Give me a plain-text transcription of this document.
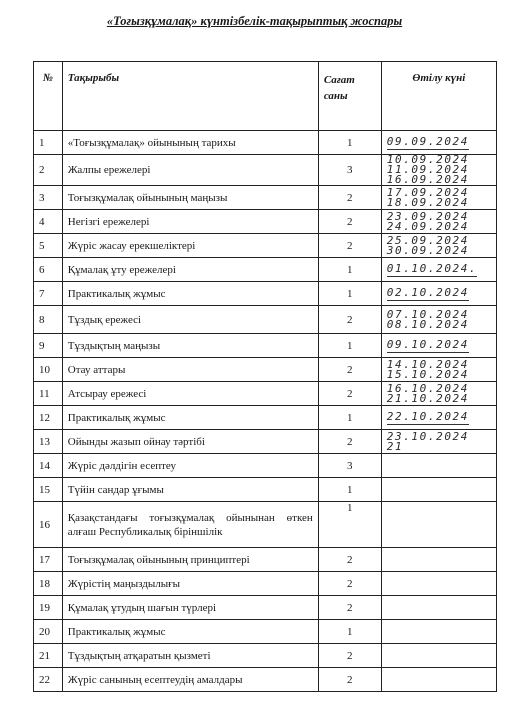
«Тоғызқұмалақ» күнтізбелік-тақырыптық жоспары
№	Тақырыбы	Сағат саны	Өтілу күні
1	«Тоғызқұмалақ» ойынының тарихы	1	09.09.2024
2	Жалпы ережелері	3	10.09.2024
11.09.2024
16.09.2024

3	Тоғызқұмалақ ойынының маңызы	2	17.09.2024
18.09.2024

4	Негізгі ережелері	2	23.09.2024
24.09.2024

5	Жүріс жасау ерекшеліктері	2	25.09.2024
30.09.2024

6	Құмалақ ұту ережелері	1	01.10.2024.
7	Практикалық жұмыс	1	02.10.2024
8	Тұздық ережесі	2	07.10.2024
08.10.2024

9	Тұздықтың маңызы	1	09.10.2024
10	Отау аттары	2	14.10.2024
15.10.2024

11	Атсырау ережесі	2	16.10.2024
21.10.2024

12	Практикалық жұмыс	1	22.10.2024
13	Ойынды жазып ойнау тәртібі	2	23.10.2024
21

14	Жүріс дәлдігін есептеу	3	
15	Түйін сандар ұғымы	1	
16	Қазақстандағы тоғызқұмалақ ойынынан өткен алғаш Республикалық біріншілік	1	
17	Тоғызқұмалақ ойынының принциптері	2	
18	Жүрістің маңыздылығы	2	
19	Құмалақ ұтудың шағын түрлері	2	
20	Практикалық жұмыс	1	
21	Тұздықтың атқаратын қызметі	2	
22	Жүріс санының есептеудің амалдары	2	
